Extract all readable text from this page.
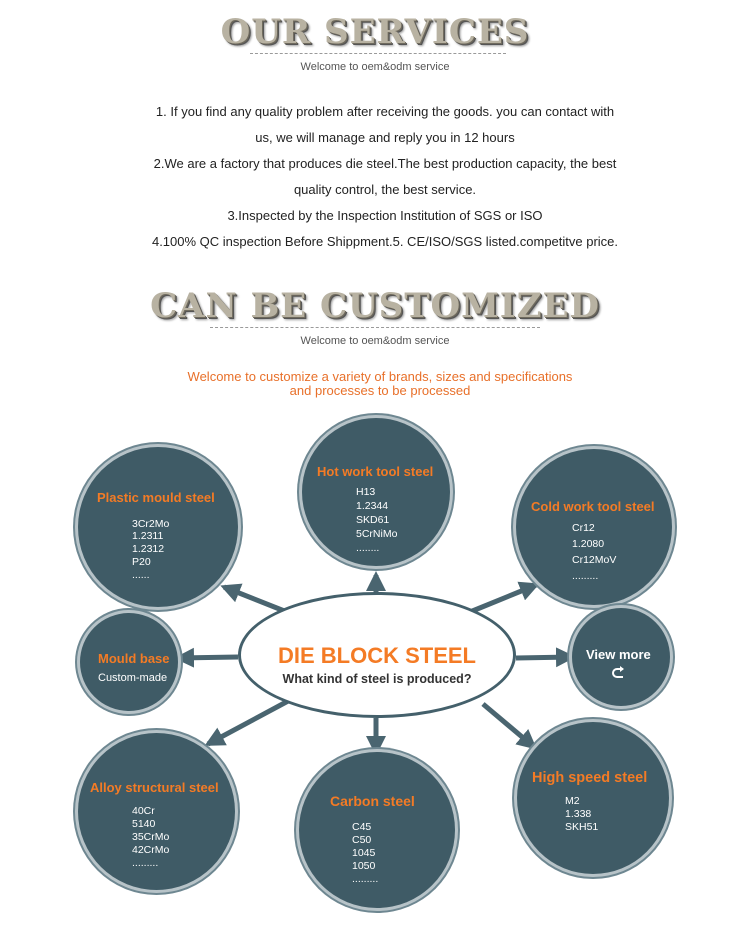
OUR SERVICES
Welcome to oem&odm service
1. If you find any quality problem after receiving the goods. you can contact with
us, we will manage and reply you in 12 hours
2.We are a factory that produces die steel.The best production capacity, the best
quality control, the best service.
3.Inspected by the Inspection Institution of SGS or ISO
4.100% QC inspection Before Shippment.5. CE/ISO/SGS listed.competitve price.
CAN BE CUSTOMIZED
Welcome to oem&odm service
Welcome to customize a variety of brands, sizes and specifications
and processes to be processed
DIE BLOCK STEEL
What kind of steel is produced?
Hot work tool steel
H13
1.2344
SKD61
5CrNiMo
........
Plastic mould steel
3Cr2Mo
1.2311
1.2312
P20
......
Cold work tool steel
Cr12
1.2080
Cr12MoV
.........
Mould base
Custom-made
View more
Alloy structural steel
40Cr
5140
35CrMo
42CrMo
.........
Carbon steel
C45
C50
1045
1050
.........
High speed steel
M2
1.338
SKH51
